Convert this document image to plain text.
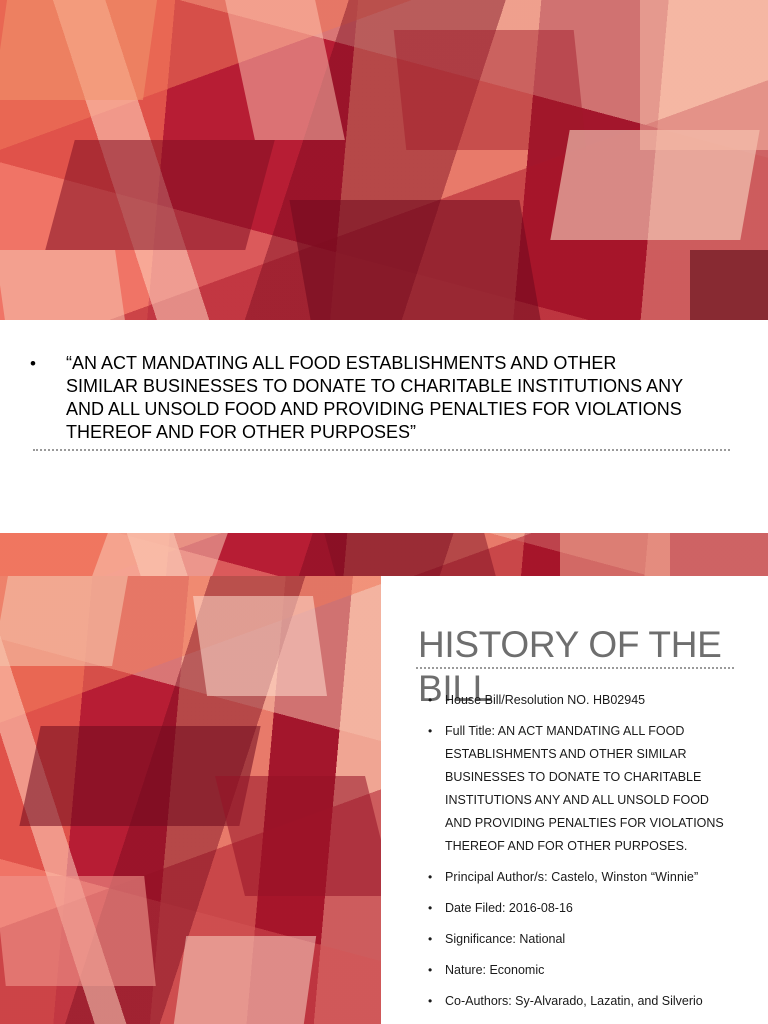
•	“AN ACT MANDATING ALL FOOD ESTABLISHMENTS AND OTHER SIMILAR BUSINESSES TO DONATE TO CHARITABLE INSTITUTIONS ANY AND ALL UNSOLD FOOD AND PROVIDING PENALTIES FOR VIOLATIONS THEREOF AND FOR OTHER PURPOSES”

HISTORY OF THE BILL
• House Bill/Resolution NO. HB02945
• Full Title: AN ACT MANDATING ALL FOOD ESTABLISHMENTS AND OTHER SIMILAR BUSINESSES TO DONATE TO CHARITABLE INSTITUTIONS ANY AND ALL UNSOLD FOOD AND PROVIDING PENALTIES FOR VIOLATIONS THEREOF AND FOR OTHER PURPOSES.
• Principal Author/s: Castelo, Winston “Winnie”
• Date Filed: 2016-08-16
• Significance: National
• Nature: Economic
• Co-Authors: Sy-Alvarado, Lazatin, and Silverio
